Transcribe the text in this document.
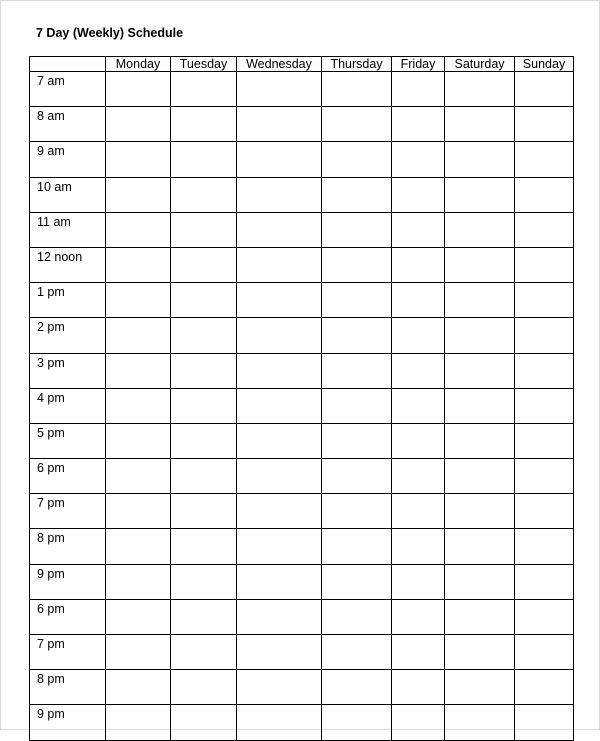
7 Day (Weekly) Schedule
	Monday	Tuesday	Wednesday	Thursday	Friday	Saturday	Sunday
7 am							
8 am							
9 am							
10 am							
11 am							
12 noon							
1 pm							
2 pm							
3 pm							
4 pm							
5 pm							
6 pm							
7 pm							
8 pm							
9 pm							
6 pm							
7 pm							
8 pm							
9 pm							
